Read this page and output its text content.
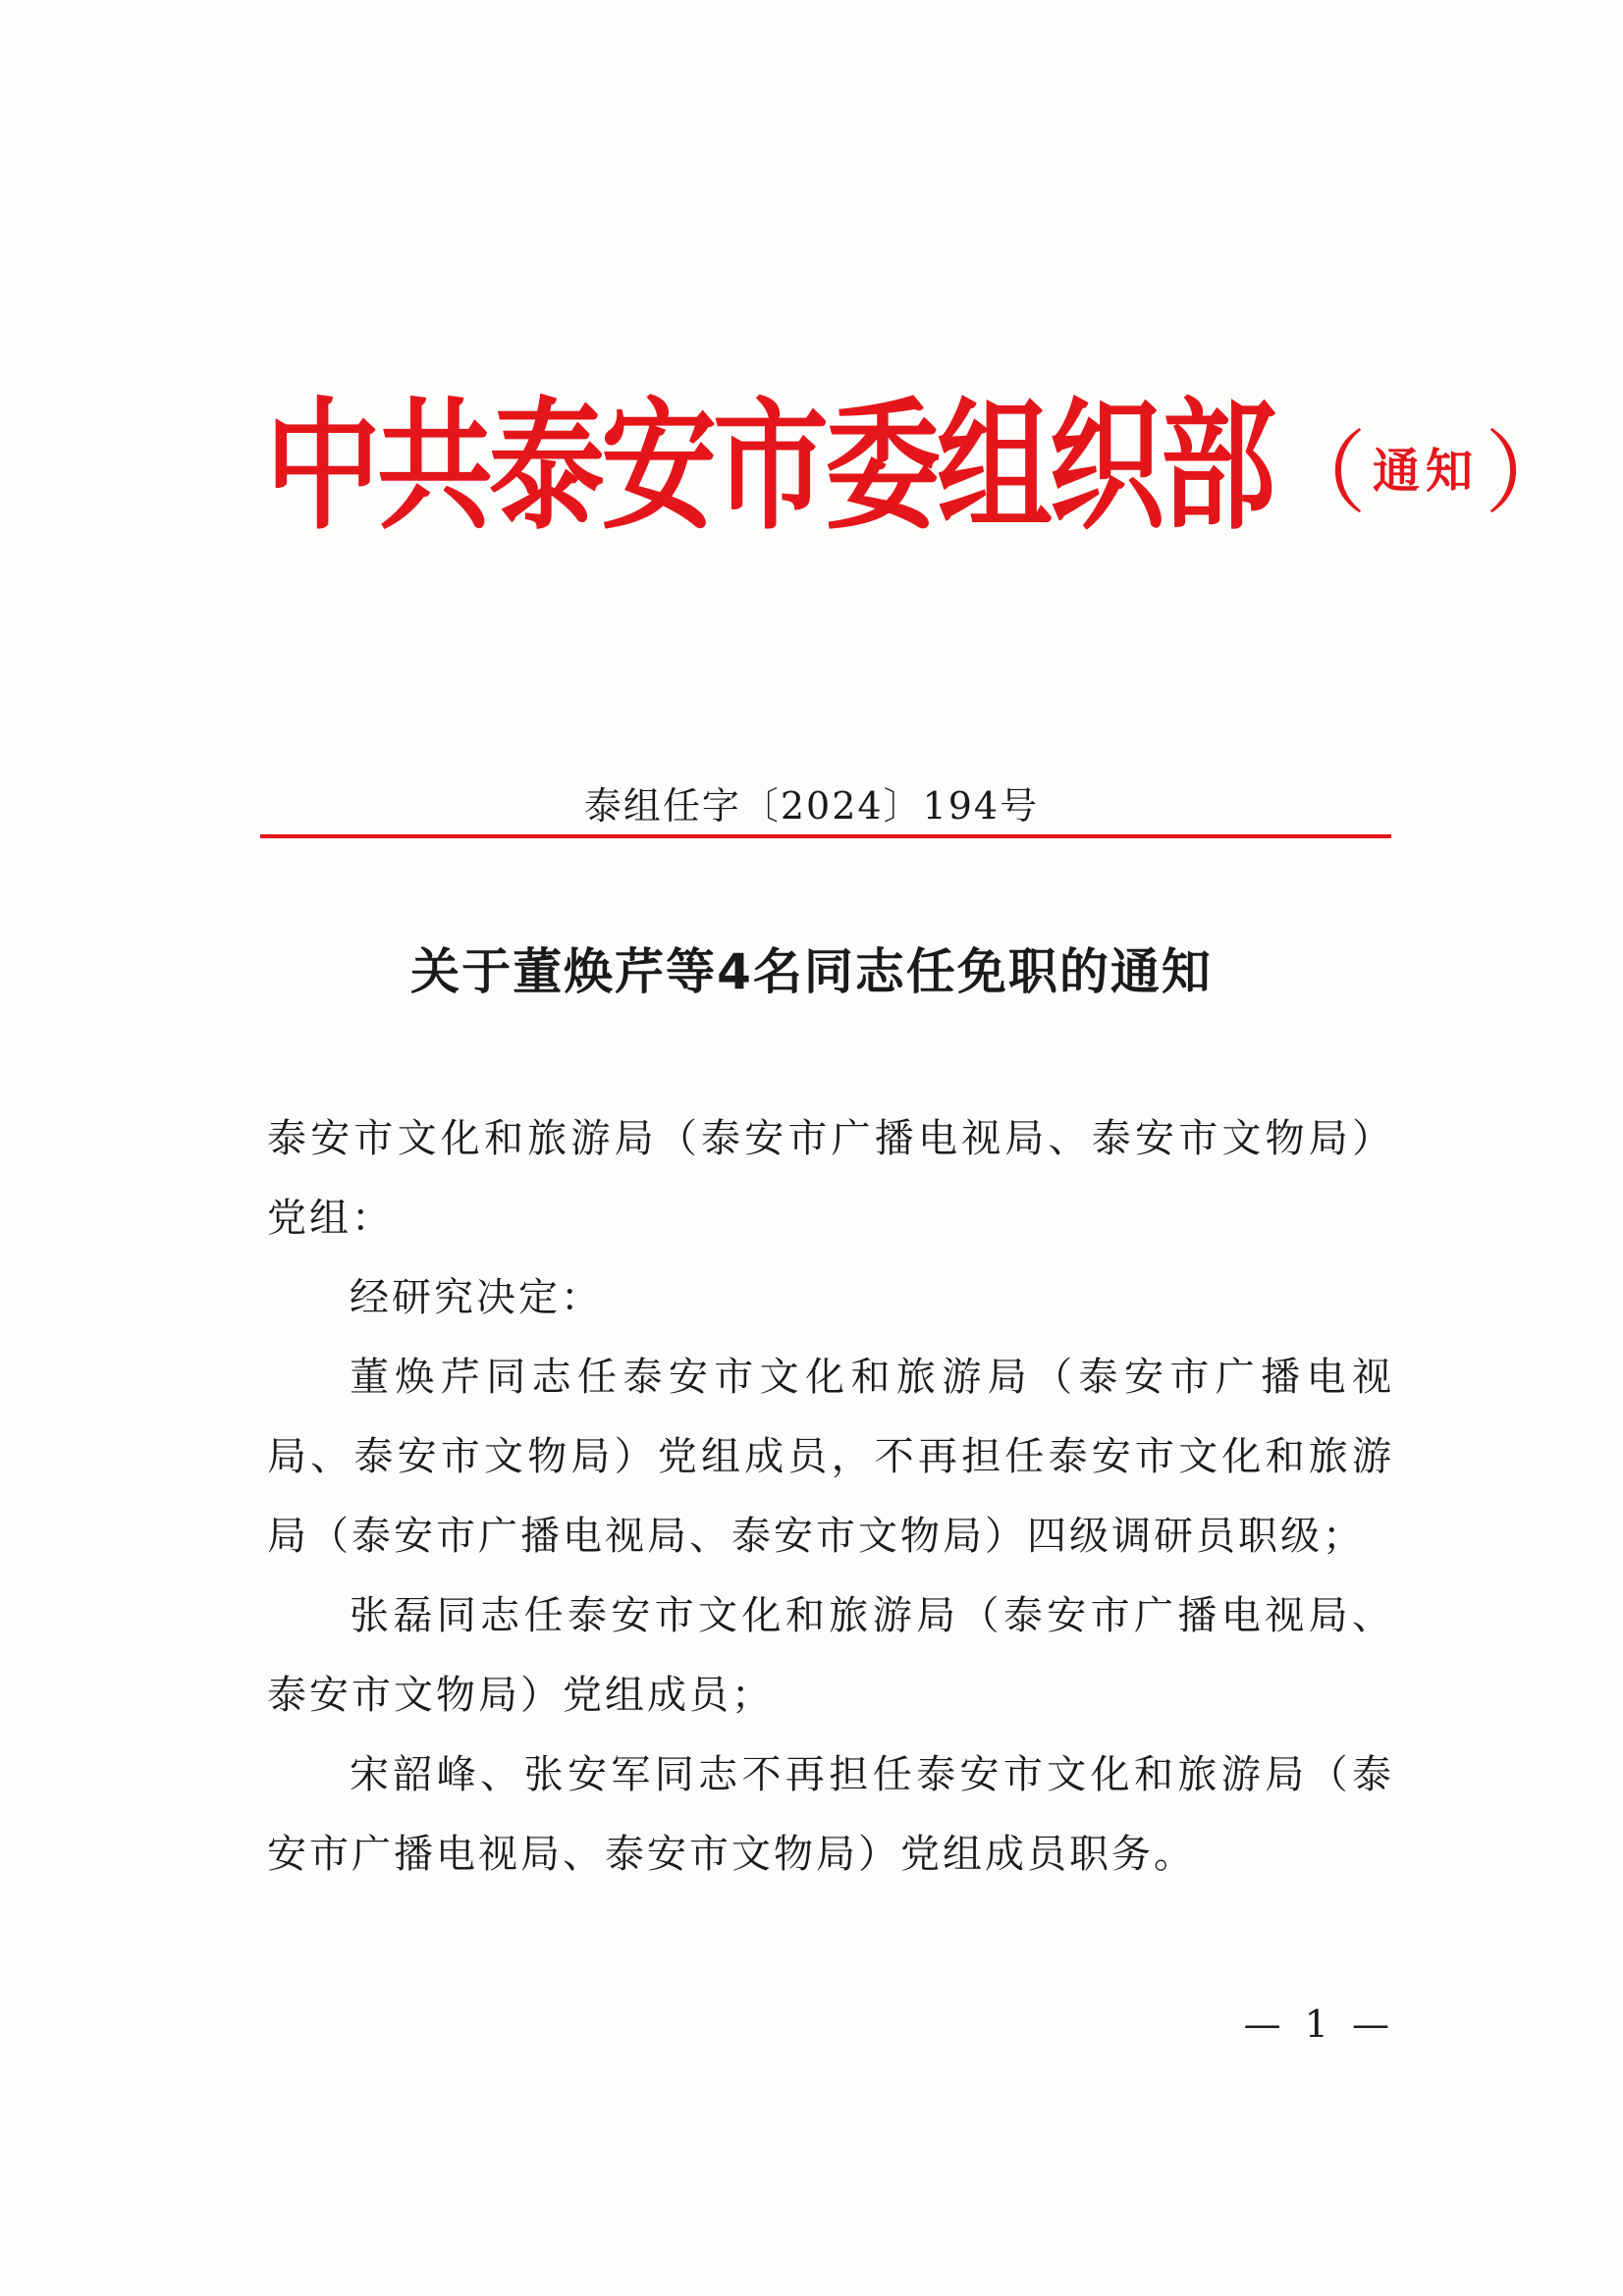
中共泰安市委组织部（ 通知）
泰组任字〔2024〕194号
关于董焕芹等4名同志任免职的通知

泰安市文化和旅游局（泰安市广播电视局、泰安市文物局）党组：

经研究决定：

董焕芹同志任泰安市文化和旅游局（泰安市广播电视局、泰安市文物局）党组成员，不再担任泰安市文化和旅游局（泰安市广播电视局、泰安市文物局）四级调研员职级；

张磊同志任泰安市文化和旅游局（泰安市广播电视局、泰安市文物局）党组成员；

宋韶峰、张安军同志不再担任泰安市文化和旅游局（泰安市广播电视局、泰安市文物局）党组成员职务。

— 1 —
